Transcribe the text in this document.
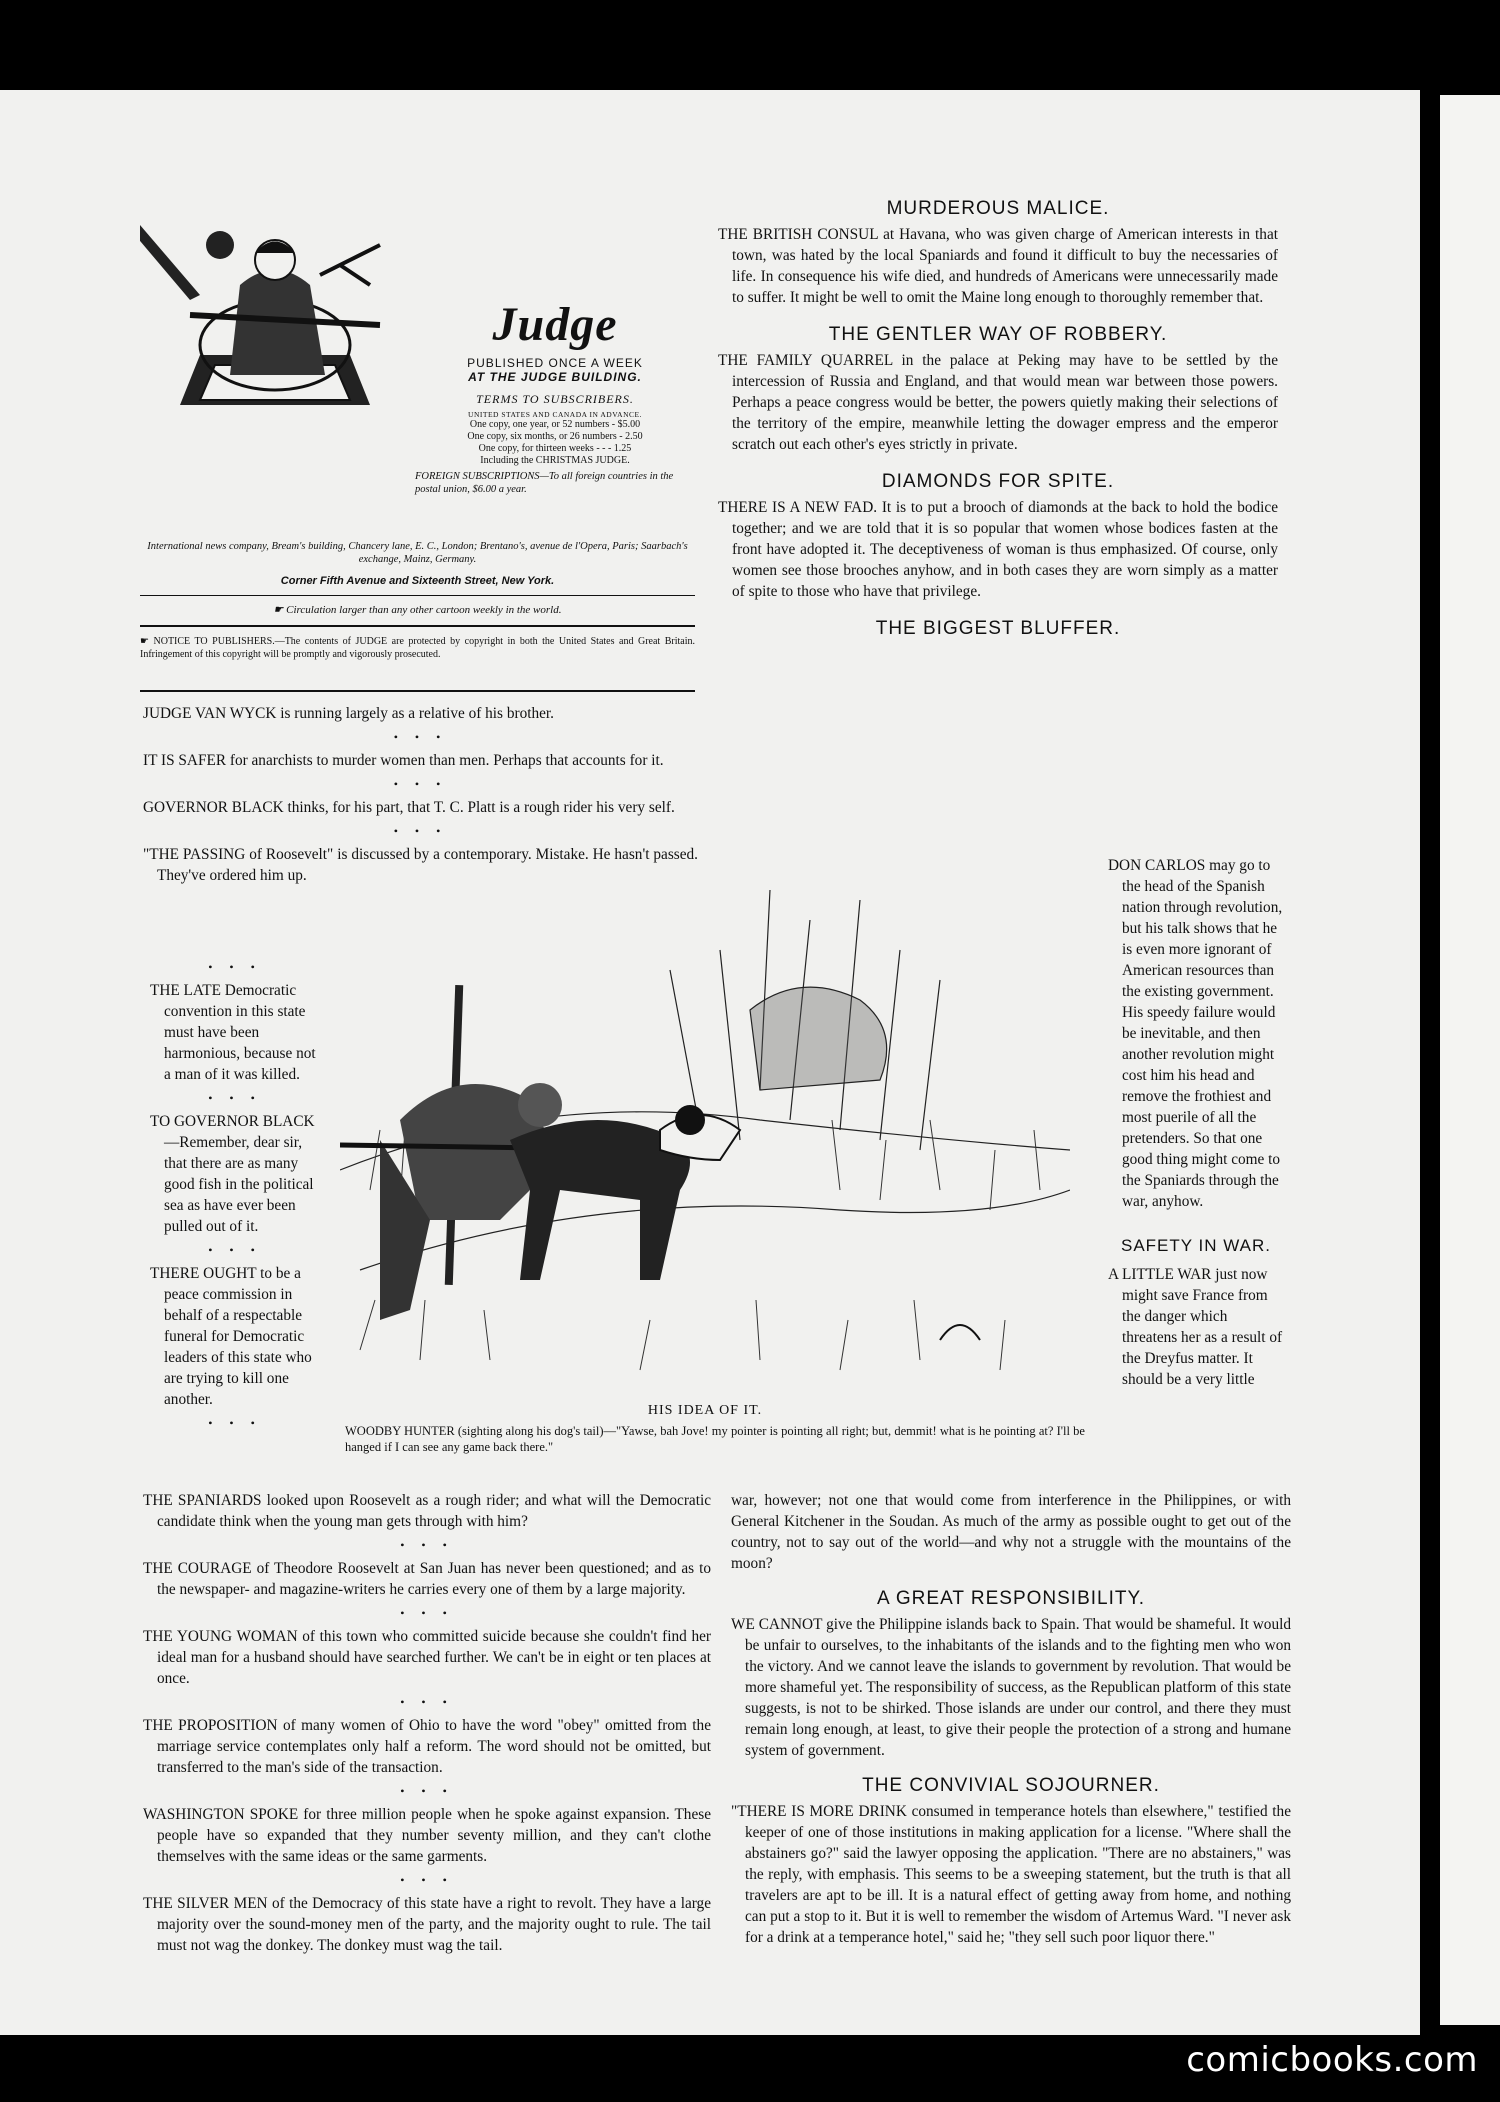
Judge
PUBLISHED ONCE A WEEK
AT THE JUDGE BUILDING.
TERMS TO SUBSCRIBERS.
UNITED STATES AND CANADA IN ADVANCE.
One copy, one year, or 52 numbers - $5.00
One copy, six months, or 26 numbers - 2.50
One copy, for thirteen weeks - - - 1.25
Including the CHRISTMAS JUDGE.
FOREIGN SUBSCRIPTIONS—To all foreign countries in the postal union, $6.00 a year.
International news company, Bream's building, Chancery lane, E. C., London; Brentano's, avenue de l'Opera, Paris; Saarbach's exchange, Mainz, Germany.
Corner Fifth Avenue and Sixteenth Street, New York.
☛ Circulation larger than any other cartoon weekly in the world.
☛ NOTICE TO PUBLISHERS.—The contents of JUDGE are protected by copyright in both the United States and Great Britain. Infringement of this copyright will be promptly and vigorously prosecuted.

JUDGE VAN WYCK is running largely as a relative of his brother.

• • •

IT IS SAFER for anarchists to murder women than men. Perhaps that accounts for it.

• • •

GOVERNOR BLACK thinks, for his part, that T. C. Platt is a rough rider his very self.

• • •

"THE PASSING of Roosevelt" is discussed by a contemporary. Mistake. He hasn't passed. They've ordered him up.

• • •

THE LATE Democratic convention in this state must have been harmonious, because not a man of it was killed.

• • •

TO GOVERNOR BLACK—Remember, dear sir, that there are as many good fish in the political sea as have ever been pulled out of it.

• • •

THERE OUGHT to be a peace commission in behalf of a respectable funeral for Democratic leaders of this state who are trying to kill one another.

• • •
HIS IDEA OF IT.
WOODBY HUNTER (sighting along his dog's tail)—"Yawse, bah Jove! my pointer is pointing all right; but, demmit! what is he pointing at? I'll be hanged if I can see any game back there."

THE SPANIARDS looked upon Roosevelt as a rough rider; and what will the Democratic candidate think when the young man gets through with him?

• • •

THE COURAGE of Theodore Roosevelt at San Juan has never been questioned; and as to the newspaper- and magazine-writers he carries every one of them by a large majority.

• • •

THE YOUNG WOMAN of this town who committed suicide because she couldn't find her ideal man for a husband should have searched further. We can't be in eight or ten places at once.

• • •

THE PROPOSITION of many women of Ohio to have the word "obey" omitted from the marriage service contemplates only half a reform. The word should not be omitted, but transferred to the man's side of the transaction.

• • •

WASHINGTON SPOKE for three million people when he spoke against expansion. These people have so expanded that they number seventy million, and they can't clothe themselves with the same ideas or the same garments.

• • •

THE SILVER MEN of the Democracy of this state have a right to revolt. They have a large majority over the sound-money men of the party, and the majority ought to rule. The tail must not wag the donkey. The donkey must wag the tail.

MURDEROUS MALICE.

THE BRITISH CONSUL at Havana, who was given charge of American interests in that town, was hated by the local Spaniards and found it difficult to buy the necessaries of life. In consequence his wife died, and hundreds of Americans were unnecessarily made to suffer. It might be well to omit the Maine long enough to thoroughly remember that.

THE GENTLER WAY OF ROBBERY.

THE FAMILY QUARREL in the palace at Peking may have to be settled by the intercession of Russia and England, and that would mean war between those powers. Perhaps a peace congress would be better, the powers quietly making their selections of the territory of the empire, meanwhile letting the dowager empress and the emperor scratch out each other's eyes strictly in private.

DIAMONDS FOR SPITE.

THERE IS A NEW FAD. It is to put a brooch of diamonds at the back to hold the bodice together; and we are told that it is so popular that women whose bodices fasten at the front have adopted it. The deceptiveness of woman is thus emphasized. Of course, only women see those brooches anyhow, and in both cases they are worn simply as a matter of spite to those who have that privilege.

THE BIGGEST BLUFFER.

DON CARLOS may go to the head of the Spanish nation through revolution, but his talk shows that he is even more ignorant of American resources than the existing government. His speedy failure would be inevitable, and then another revolution might cost him his head and remove the frothiest and most puerile of all the pretenders. So that one good thing might come to the Spaniards through the war, anyhow.

SAFETY IN WAR.

A LITTLE WAR just now might save France from the danger which threatens her as a result of the Dreyfus matter. It should be a very little

war, however; not one that would come from interference in the Philippines, or with General Kitchener in the Soudan. As much of the army as possible ought to get out of the country, not to say out of the world—and why not a struggle with the mountains of the moon?

A GREAT RESPONSIBILITY.

WE CANNOT give the Philippine islands back to Spain. That would be shameful. It would be unfair to ourselves, to the inhabitants of the islands and to the fighting men who won the victory. And we cannot leave the islands to government by revolution. That would be more shameful yet. The responsibility of success, as the Republican platform of this state suggests, is not to be shirked. Those islands are under our control, and there they must remain long enough, at least, to give their people the protection of a strong and humane system of government.

THE CONVIVIAL SOJOURNER.

"THERE IS MORE DRINK consumed in temperance hotels than elsewhere," testified the keeper of one of those institutions in making application for a license. "Where shall the abstainers go?" said the lawyer opposing the application. "There are no abstainers," was the reply, with emphasis. This seems to be a sweeping statement, but the truth is that all travelers are apt to be ill. It is a natural effect of getting away from home, and nothing can put a stop to it. But it is well to remember the wisdom of Artemus Ward. "I never ask for a drink at a temperance hotel," said he; "they sell such poor liquor there."

comicbooks.com
